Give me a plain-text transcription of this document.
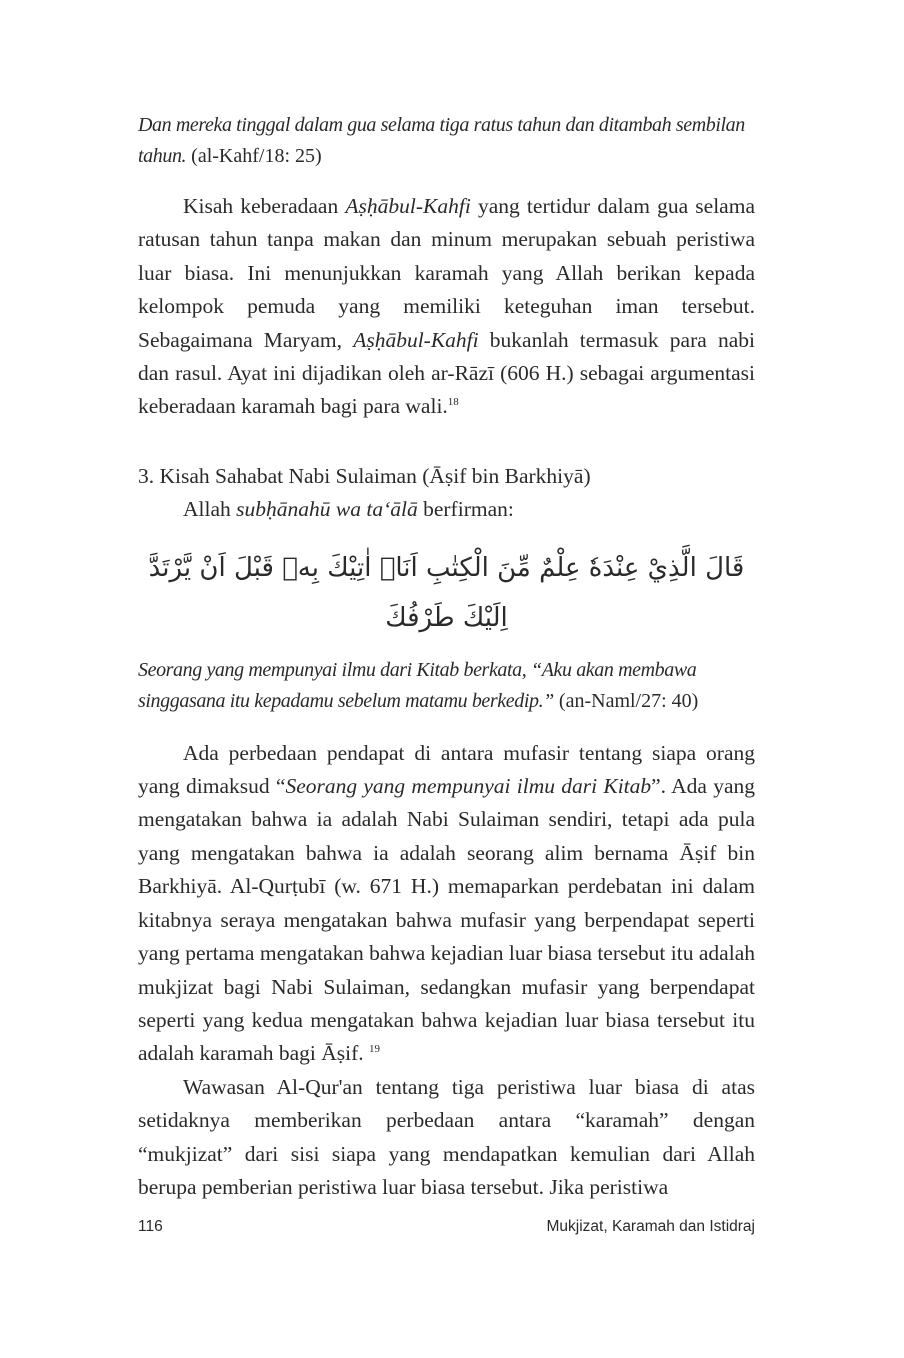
Dan mereka tinggal dalam gua selama tiga ratus tahun dan ditambah sembilan tahun. (al-Kahf/18: 25)

Kisah keberadaan Aṣḥābul-Kahfi yang tertidur dalam gua selama ratusan tahun tanpa makan dan minum merupakan sebuah peristiwa luar biasa. Ini menunjukkan karamah yang Allah berikan kepada kelompok pemuda yang memiliki keteguhan iman tersebut. Sebagaimana Maryam, Aṣḥābul-Kahfi bukanlah termasuk para nabi dan rasul. Ayat ini dijadikan oleh ar-Rāzī (606 H.) sebagai argumentasi keberadaan karamah bagi para wali.$^{18}$

3. Kisah Sahabat Nabi Sulaiman (Āṣif bin Barkhiyā)

Allah subḥānahū wa ta‘ālā berfirman:

قَالَ الَّذِيْ عِنْدَهٗ عِلْمٌ مِّنَ الْكِتٰبِ اَنَا۠ اٰتِيْكَ بِهٖ قَبْلَ اَنْ يَّرْتَدَّ اِلَيْكَ طَرْفُكَ

Seorang yang mempunyai ilmu dari Kitab berkata, “Aku akan membawa singgasana itu kepadamu sebelum matamu berkedip.” (an-Naml/27: 40)

Ada perbedaan pendapat di antara mufasir tentang siapa orang yang dimaksud “Seorang yang mempunyai ilmu dari Kitab”. Ada yang mengatakan bahwa ia adalah Nabi Sulaiman sendiri, tetapi ada pula yang mengatakan bahwa ia adalah seorang alim bernama Āṣif bin Barkhiyā. Al-Qurṭubī (w. 671 H.) memaparkan perdebatan ini dalam kitabnya seraya mengatakan bahwa mufasir yang berpendapat seperti yang pertama mengatakan bahwa kejadian luar biasa tersebut itu adalah mukjizat bagi Nabi Sulaiman, sedangkan mufasir yang berpendapat seperti yang kedua mengatakan bahwa kejadian luar biasa tersebut itu adalah karamah bagi Āṣif. $^{19}$

Wawasan Al-Qur'an tentang tiga peristiwa luar biasa di atas setidaknya memberikan perbedaan antara “karamah” dengan “mukjizat” dari sisi siapa yang mendapatkan kemulian dari Allah berupa pemberian peristiwa luar biasa tersebut. Jika peristiwa

116	Mukjizat, Karamah dan Istidraj
